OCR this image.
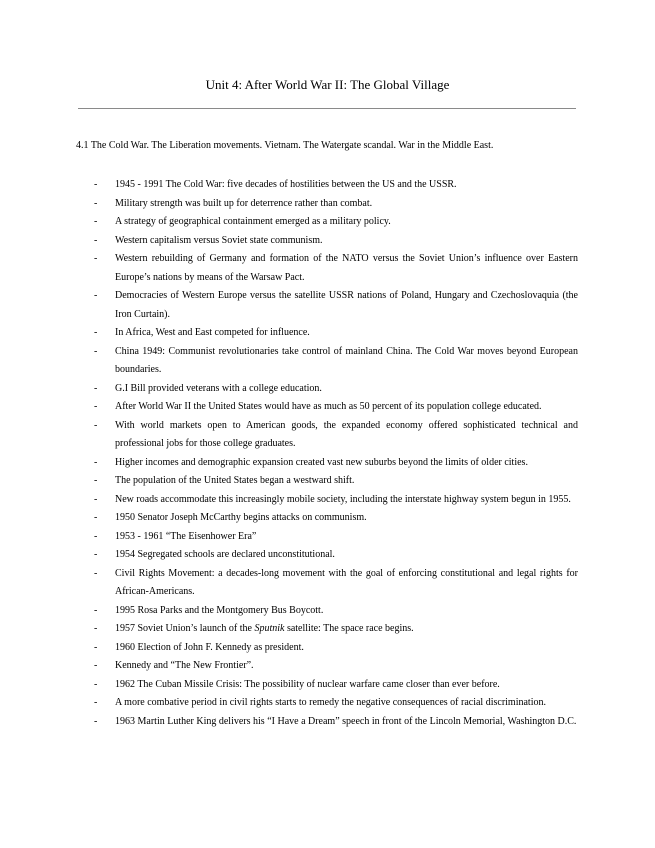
Unit 4: After World War II: The Global Village
4.1 The Cold War. The Liberation movements. Vietnam. The Watergate scandal. War in the Middle East.
- 1945 - 1991 The Cold War: five decades of hostilities between the US and the USSR.
- Military strength was built up for deterrence rather than combat.
- A strategy of geographical containment emerged as a military policy.
- Western capitalism versus Soviet state communism.
- Western rebuilding of Germany and formation of the NATO versus the Soviet Union’s influence over Eastern Europe’s nations by means of the Warsaw Pact.
- Democracies of Western Europe versus the satellite USSR nations of Poland, Hungary and Czechoslovaquia (the Iron Curtain).
- In Africa, West and East competed for influence.
- China 1949: Communist revolutionaries take control of mainland China. The Cold War moves beyond European boundaries.
- G.I Bill provided veterans with a college education.
- After World War II the United States would have as much as 50 percent of its population college educated.
- With world markets open to American goods, the expanded economy offered sophisticated technical and professional jobs for those college graduates.
- Higher incomes and demographic expansion created vast new suburbs beyond the limits of older cities.
- The population of the United States began a westward shift.
- New roads accommodate this increasingly mobile society, including the interstate highway system begun in 1955.
- 1950 Senator Joseph McCarthy begins attacks on communism.
- 1953 - 1961 “The Eisenhower Era”
- 1954 Segregated schools are declared unconstitutional.
- Civil Rights Movement: a decades-long movement with the goal of enforcing constitutional and legal rights for African-Americans.
- 1995 Rosa Parks and the Montgomery Bus Boycott.
- 1957 Soviet Union’s launch of the Sputnik satellite: The space race begins.
- 1960 Election of John F. Kennedy as president.
- Kennedy and “The New Frontier”.
- 1962 The Cuban Missile Crisis: The possibility of nuclear warfare came closer than ever before.
- A more combative period in civil rights starts to remedy the negative consequences of racial discrimination.
- 1963 Martin Luther King delivers his “I Have a Dream” speech in front of the Lincoln Memorial, Washington D.C.
